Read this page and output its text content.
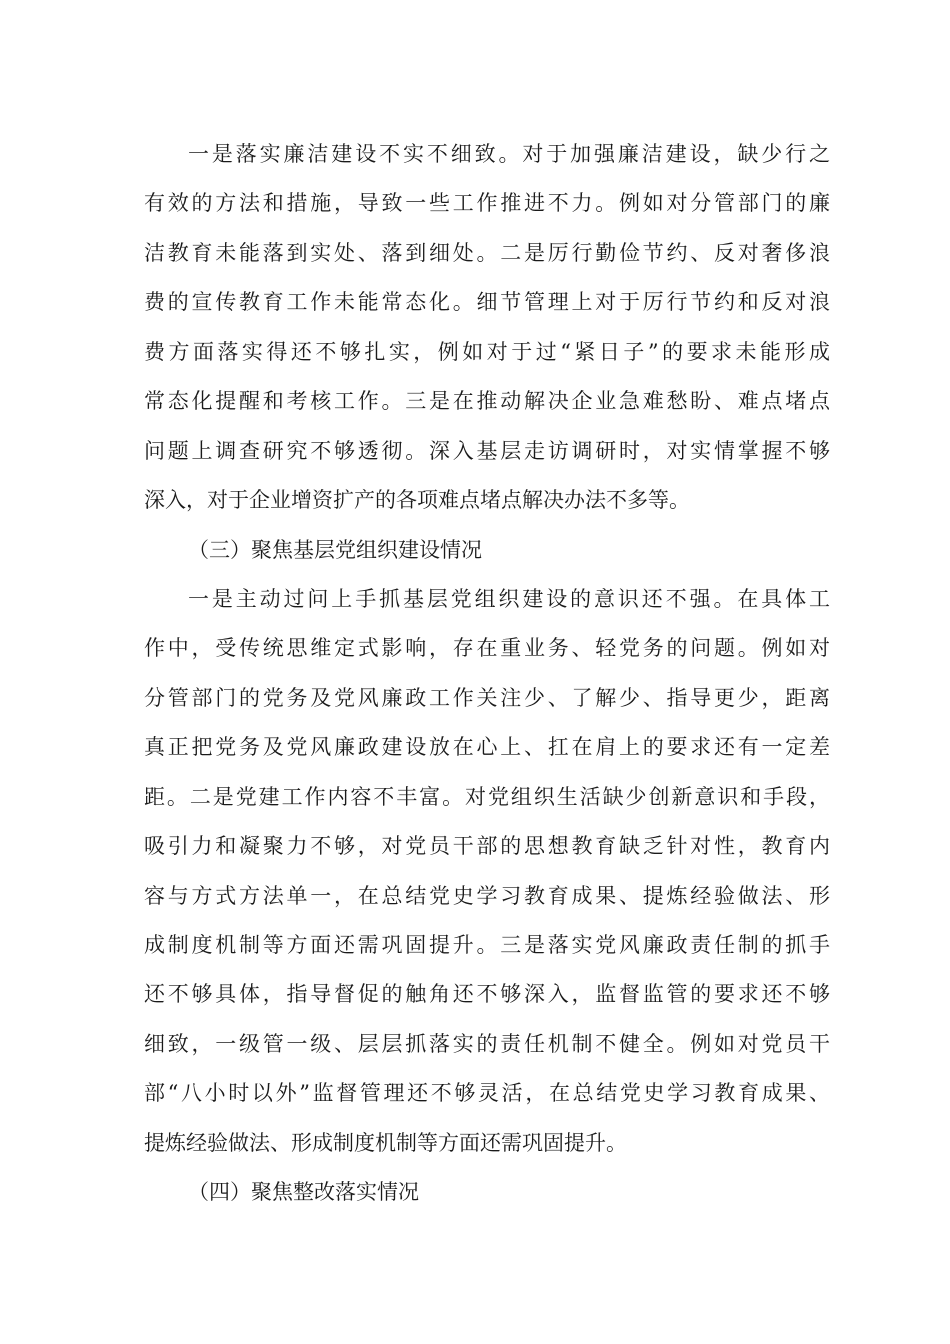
一是落实廉洁建设不实不细致。对于加强廉洁建设，缺少行之
有效的方法和措施，导致一些工作推进不力。例如对分管部门的廉
洁教育未能落到实处、落到细处。二是厉行勤俭节约、反对奢侈浪
费的宣传教育工作未能常态化。细节管理上对于厉行节约和反对浪
费方面落实得还不够扎实，例如对于过“紧日子”的要求未能形成
常态化提醒和考核工作。三是在推动解决企业急难愁盼、难点堵点
问题上调查研究不够透彻。深入基层走访调研时，对实情掌握不够
深入，对于企业增资扩产的各项难点堵点解决办法不多等。
（三）聚焦基层党组织建设情况
一是主动过问上手抓基层党组织建设的意识还不强。在具体工
作中，受传统思维定式影响，存在重业务、轻党务的问题。例如对
分管部门的党务及党风廉政工作关注少、了解少、指导更少，距离
真正把党务及党风廉政建设放在心上、扛在肩上的要求还有一定差
距。二是党建工作内容不丰富。对党组织生活缺少创新意识和手段，
吸引力和凝聚力不够，对党员干部的思想教育缺乏针对性，教育内
容与方式方法单一，在总结党史学习教育成果、提炼经验做法、形
成制度机制等方面还需巩固提升。三是落实党风廉政责任制的抓手
还不够具体，指导督促的触角还不够深入，监督监管的要求还不够
细致，一级管一级、层层抓落实的责任机制不健全。例如对党员干
部“八小时以外”监督管理还不够灵活，在总结党史学习教育成果、
提炼经验做法、形成制度机制等方面还需巩固提升。
（四）聚焦整改落实情况
